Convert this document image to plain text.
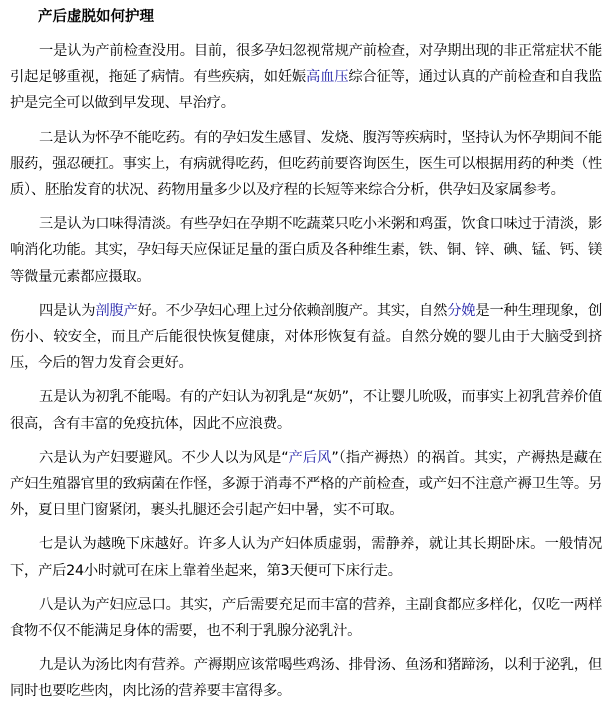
产后虚脱如何护理

一是认为产前检查没用。目前，很多孕妇忽视常规产前检查，对孕期出现的非正常症状不能引起足够重视，拖延了病情。有些疾病，如妊娠高血压综合征等，通过认真的产前检查和自我监护是完全可以做到早发现、早治疗。

二是认为怀孕不能吃药。有的孕妇发生感冒、发烧、腹泻等疾病时，坚持认为怀孕期间不能服药，强忍硬扛。事实上，有病就得吃药，但吃药前要咨询医生，医生可以根据用药的种类（性质）、胚胎发育的状况、药物用量多少以及疗程的长短等来综合分析，供孕妇及家属参考。

三是认为口味得清淡。有些孕妇在孕期不吃蔬菜只吃小米粥和鸡蛋，饮食口味过于清淡，影响消化功能。其实，孕妇每天应保证足量的蛋白质及各种维生素，铁、铜、锌、碘、锰、钙、镁等微量元素都应摄取。

四是认为剖腹产好。不少孕妇心理上过分依赖剖腹产。其实，自然分娩是一种生理现象，创伤小、较安全，而且产后能很快恢复健康，对体形恢复有益。自然分娩的婴儿由于大脑受到挤压，今后的智力发育会更好。

五是认为初乳不能喝。有的产妇认为初乳是“灰奶”，不让婴儿吮吸，而事实上初乳营养价值很高，含有丰富的免疫抗体，因此不应浪费。

六是认为产妇要避风。不少人以为风是“产后风”（指产褥热）的祸首。其实，产褥热是藏在产妇生殖器官里的致病菌在作怪，多源于消毒不严格的产前检查，或产妇不注意产褥卫生等。另外，夏日里门窗紧闭，裹头扎腿还会引起产妇中暑，实不可取。

七是认为越晚下床越好。许多人认为产妇体质虚弱，需静养，就让其长期卧床。一般情况下，产后24小时就可在床上靠着坐起来，第3天便可下床行走。

八是认为产妇应忌口。其实，产后需要充足而丰富的营养，主副食都应多样化，仅吃一两样食物不仅不能满足身体的需要，也不利于乳腺分泌乳汁。

九是认为汤比肉有营养。产褥期应该常喝些鸡汤、排骨汤、鱼汤和猪蹄汤，以利于泌乳，但同时也要吃些肉，肉比汤的营养要丰富得多。
